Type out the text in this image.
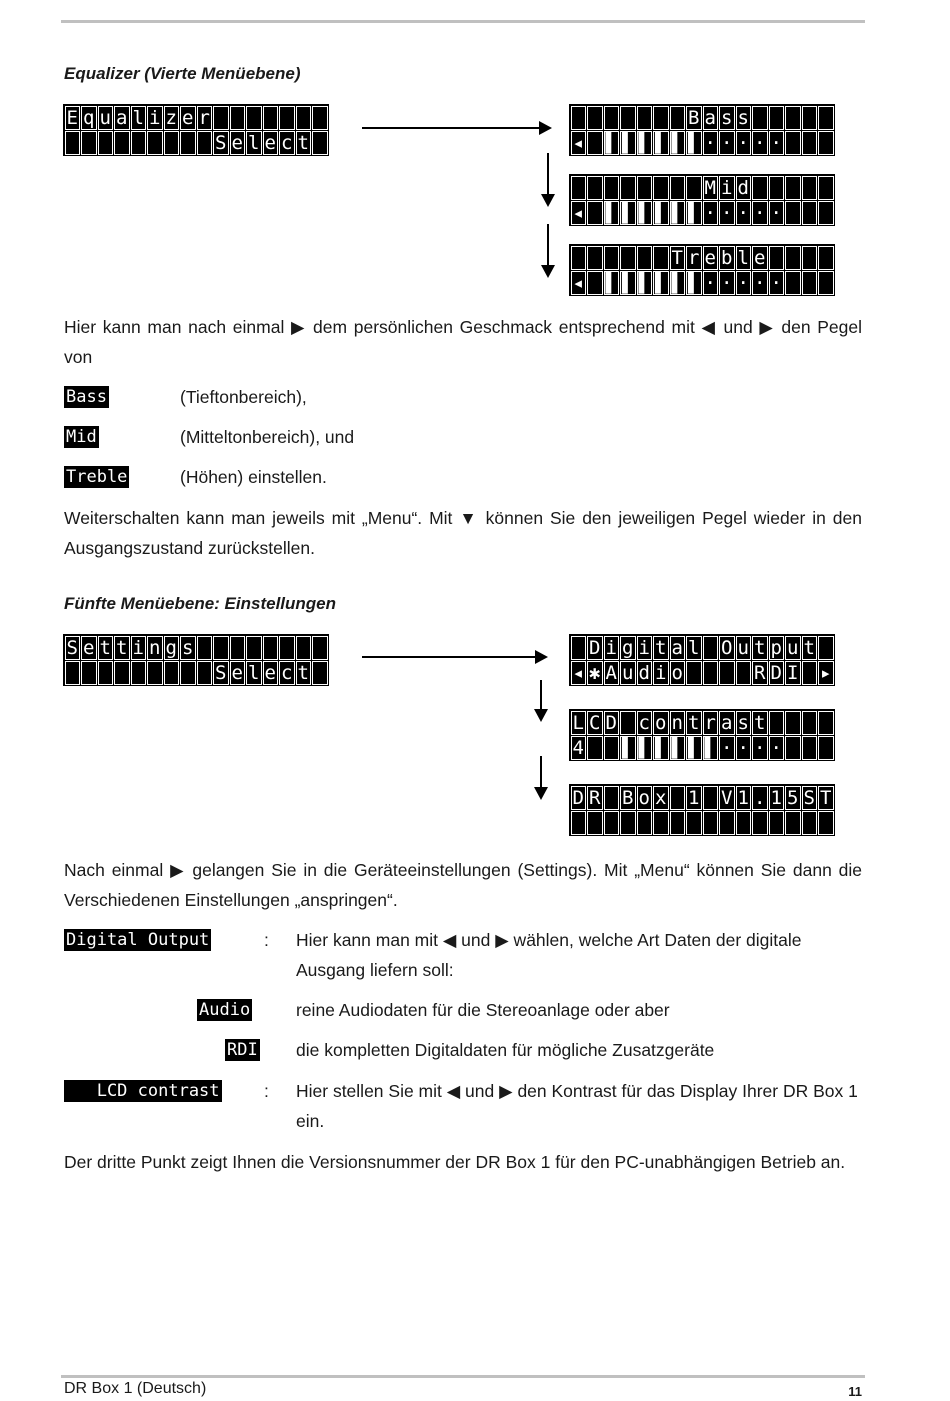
Equalizer (Vierte Menüebene)
E q u a l i z e r
S e l e c t
B a s s
◂ ▌ ▌ ▌ ▌ ▌ ▌ · · · · ·
M i d
◂ ▌ ▌ ▌ ▌ ▌ ▌ · · · · ·
T r e b l e
◂ ▌ ▌ ▌ ▌ ▌ ▌ · · · · ·
Hier kann man nach einmal ▶ dem persönlichen Geschmack entsprechend mit ◀ und ▶ den Pegel von
Bass	(Tieftonbereich),
Mid	(Mitteltonbereich), und
Treble	(Höhen) einstellen.
Weiterschalten kann man jeweils mit „Menu“. Mit ▼ können Sie den jeweiligen Pegel wieder in den Ausgangszustand zurückstellen.
Fünfte Menüebene: Einstellungen
S e t t i n g s
S e l e c t
D i g i t a l O u t p u t
◂ ✱ A u d i o	R D I ▸
L C D c o n t r a s t
4 ▌ ▌ ▌ ▌ ▌ ▌ · · · ·
D R B o x 1 V 1 . 1 5 S T
Nach einmal ▶ gelangen Sie in die Geräteeinstellungen (Settings). Mit „Menu“ können Sie dann die Verschiedenen Einstellungen „anspringen“.
Digital Output	: Hier kann man mit ◀ und ▶ wählen, welche Art Daten der digitale Ausgang liefern soll:
Audio	reine Audiodaten für die Stereoanlage oder aber
RDI die kompletten Digitaldaten für mögliche Zusatzgeräte
LCD contrast	: Hier stellen Sie mit ◀ und ▶ den Kontrast für das Display Ihrer DR Box 1 ein.
Der dritte Punkt zeigt Ihnen die Versionsnummer der DR Box 1 für den PC-unabhängigen Betrieb an.
DR Box 1 (Deutsch)	11
